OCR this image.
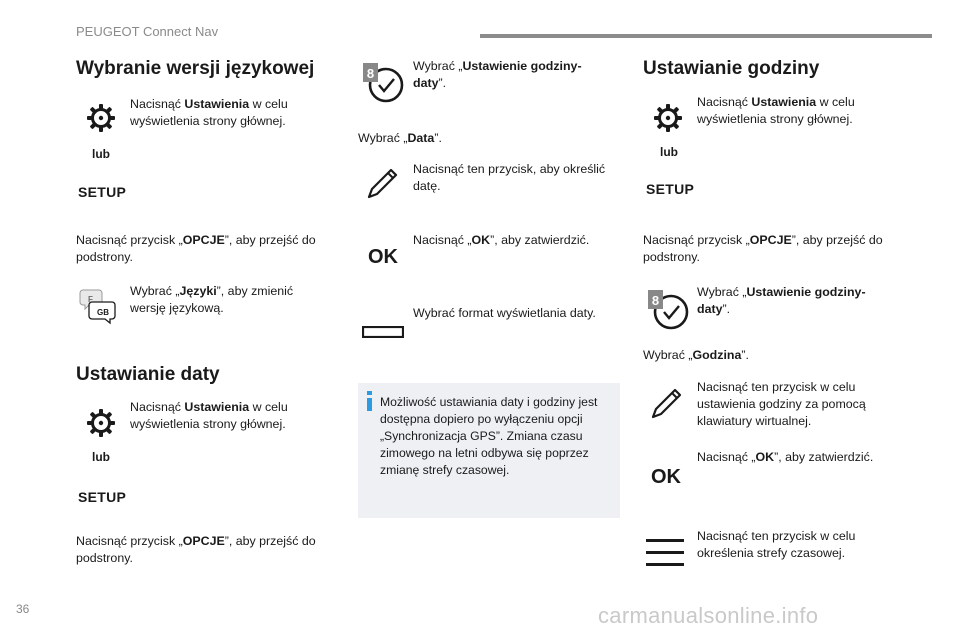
PEUGEOT Connect Nav
Wybranie wersji językowej
Nacisnąć Ustawienia w celu wyświetlenia strony głównej.
lub
SETUP
Nacisnąć przycisk „OPCJE”, aby przejść do podstrony.
F
GB
Wybrać „Języki”, aby zmienić wersję językową.
Ustawianie daty
Nacisnąć Ustawienia w celu wyświetlenia strony głównej.
lub
SETUP
Nacisnąć przycisk „OPCJE”, aby przejść do podstrony.
8	Wybrać „Ustawienie godziny-daty”.
Wybrać „Data”.
Nacisnąć ten przycisk, aby określić datę.
OK
Nacisnąć „OK”, aby zatwierdzić.
Wybrać format wyświetlania daty.
Możliwość ustawiania daty i godziny jest dostępna dopiero po wyłączeniu opcji „Synchronizacja GPS”. Zmiana czasu zimowego na letni odbywa się poprzez zmianę strefy czasowej.
Ustawianie godziny
Nacisnąć Ustawienia w celu wyświetlenia strony głównej.
lub
SETUP
Nacisnąć przycisk „OPCJE”, aby przejść do podstrony.
8
Wybrać „Ustawienie godziny-daty”.
Wybrać „Godzina”.
Nacisnąć ten przycisk w celu ustawienia godziny za pomocą klawiatury wirtualnej.
OK
Nacisnąć „OK”, aby zatwierdzić.
Nacisnąć ten przycisk w celu określenia strefy czasowej.
36	carmanualsonline.info
